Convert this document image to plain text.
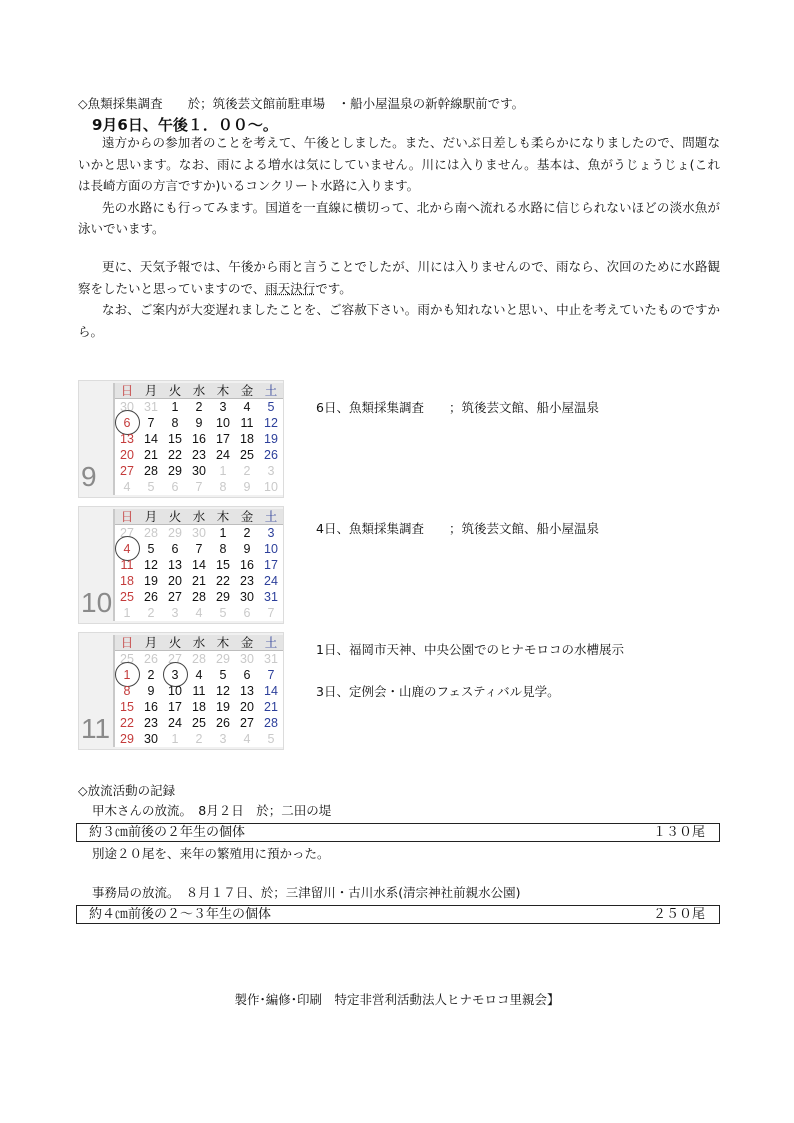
◇魚類採集調査　　於；筑後芸文館前駐車場　・船小屋温泉の新幹線駅前です。
9月6日、午後１．００～。

遠方からの参加者のことを考えて、午後としました。また、だいぶ日差しも柔らかになりましたので、問題ないかと思います。なお、雨による増水は気にしていません。川には入りません。基本は、魚がうじょうじょ(これは長崎方面の方言ですか)いるコンクリート水路に入ります。

先の水路にも行ってみます。国道を一直線に横切って、北から南へ流れる水路に信じられないほどの淡水魚が泳いでいます。

更に、天気予報では、午後から雨と言うことでしたが、川には入りませんので、雨なら、次回のために水路観察をしたいと思っていますので、雨天決行です。

なお、ご案内が大変遅れましたことを、ご容赦下さい。雨かも知れないと思い、中止を考えていたものですから。

9
日 月 火 水 木 金 土
30 31	1	2	3	4	5
6	7	8	9	10 11 12
13 14 15 16 17 18 19
20 21 22 23 24 25 26
27 28 29 30	1	2	3
4	5	6	7	8	9	10
6日、魚類採集調査　　；筑後芸文館、船小屋温泉
10
日 月 火 水 木 金 土
27 28 29 30	1	2	3
4	5	6	7	8	9	10
11 12 13 14 15 16 17
18 19 20 21 22 23 24
25 26 27 28 29 30 31
1	2	3	4	5	6	7
4日、魚類採集調査　　；筑後芸文館、船小屋温泉
11
日 月 火 水 木 金 土
25 26 27 28 29 30 31
1	2	3	4	5	6	7
8	9	10 11 12 13 14
15 16 17 18 19 20 21
22 23 24 25 26 27 28
29 30	1	2	3	4	5
1日、福岡市天神、中央公園でのヒナモロコの水槽展示
3日、定例会・山鹿のフェスティバル見学。
◇放流活動の記録
甲木さんの放流。　8月２日　於；二田の堤
約３㎝前後の２年生の個体	１３０尾
別途２０尾を、来年の繁殖用に預かった。
事務局の放流。　８月１７日、於；三津留川・古川水系(清宗神社前親水公園)
約４㎝前後の２～３年生の個体	２５０尾
製作･編修･印刷　特定非営利活動法人ヒナモロコ里親会】
